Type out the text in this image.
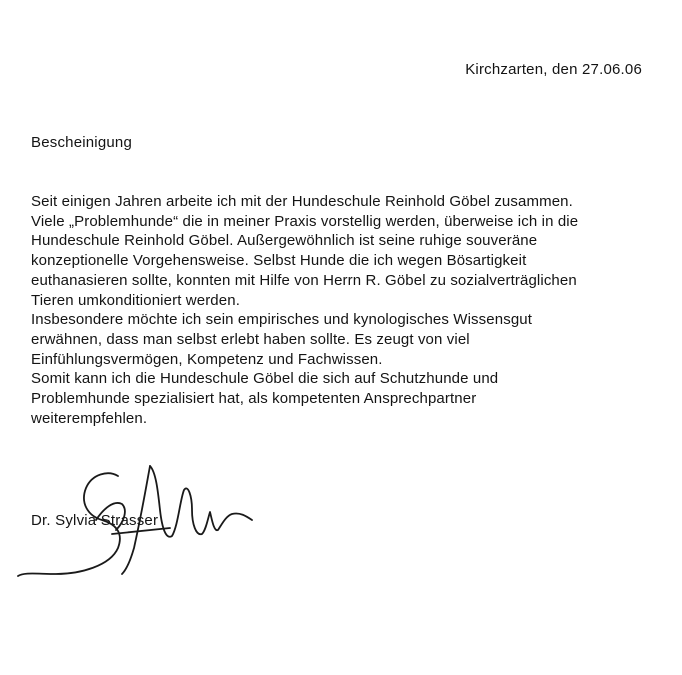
Kirchzarten, den 27.06.06
Bescheinigung
Seit einigen Jahren arbeite ich mit der Hundeschule Reinhold Göbel zusammen.
Viele „Problemhunde“ die in meiner Praxis vorstellig werden, überweise ich in die
Hundeschule Reinhold Göbel. Außergewöhnlich ist seine ruhige souveräne
konzeptionelle Vorgehensweise. Selbst Hunde die ich wegen Bösartigkeit
euthanasieren sollte, konnten mit Hilfe von Herrn R. Göbel zu sozialverträglichen
Tieren umkonditioniert werden.
Insbesondere möchte ich sein empirisches und kynologisches Wissensgut
erwähnen, dass man selbst erlebt haben sollte. Es zeugt von viel
Einfühlungsvermögen, Kompetenz und Fachwissen.
Somit kann ich die Hundeschule Göbel die sich auf Schutzhunde und
Problemhunde spezialisiert hat, als kompetenten Ansprechpartner
weiterempfehlen.
Dr. Sylvia Strasser
